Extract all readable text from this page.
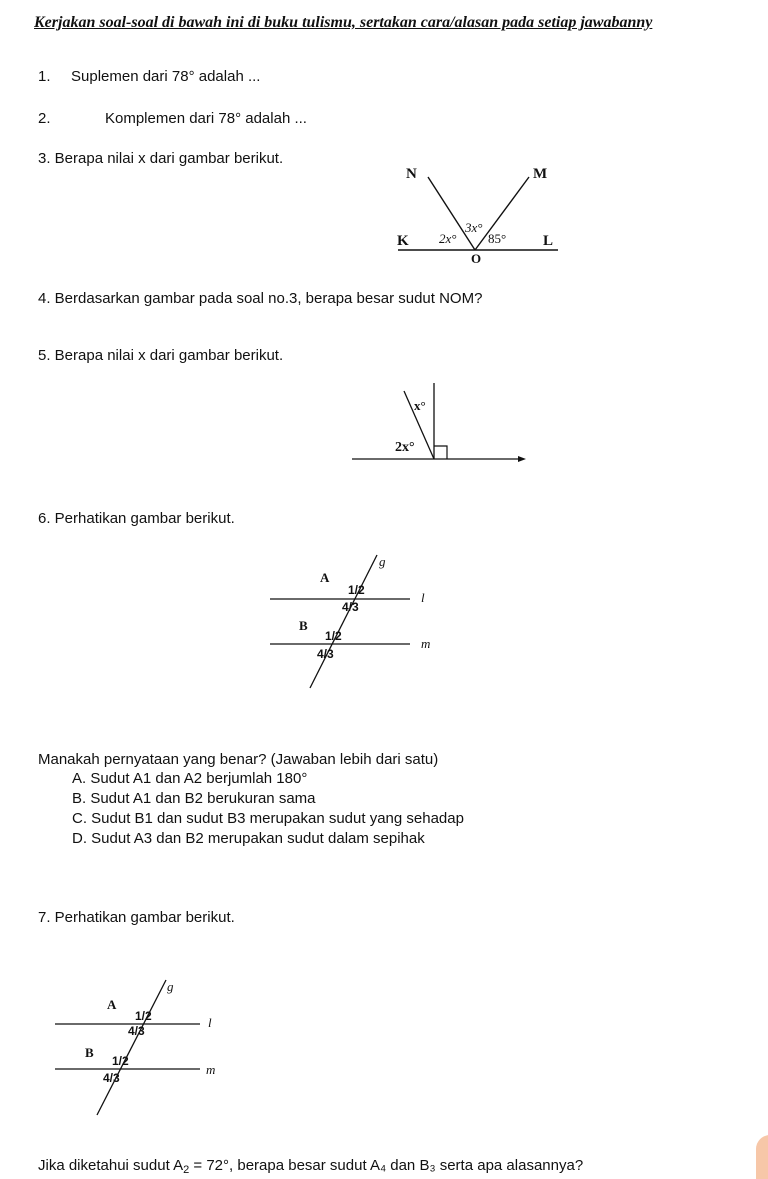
Kerjakan soal-soal di bawah ini di buku tulismu, sertakan cara/alasan pada setiap jawabanny
1. Suplemen dari 78° adalah ...
2.	Komplemen dari 78° adalah ...
3. Berapa nilai x dari gambar berikut.
N	M
K	L
O
2x°
3x°
85°
4. Berdasarkan gambar pada soal no.3, berapa besar sudut NOM?
5. Berapa nilai x dari gambar berikut.
x°
2x°
6. Perhatikan gambar berikut.
g
A
B
l
m
1/2
4/3
1/2
4/3
Manakah pernyataan yang benar? (Jawaban lebih dari satu)
A. Sudut A1 dan A2 berjumlah 180°
B. Sudut A1 dan B2 berukuran sama
C. Sudut B1 dan sudut B3 merupakan sudut yang sehadap
D. Sudut A3 dan B2 merupakan sudut dalam sepihak
7. Perhatikan gambar berikut.
g
A
B
l
m
1/2
4/3
1/2
4/3
Jika diketahui sudut $A_2 = 72^\circ$, berapa besar sudut A₄ dan B₃ serta apa alasannya?
